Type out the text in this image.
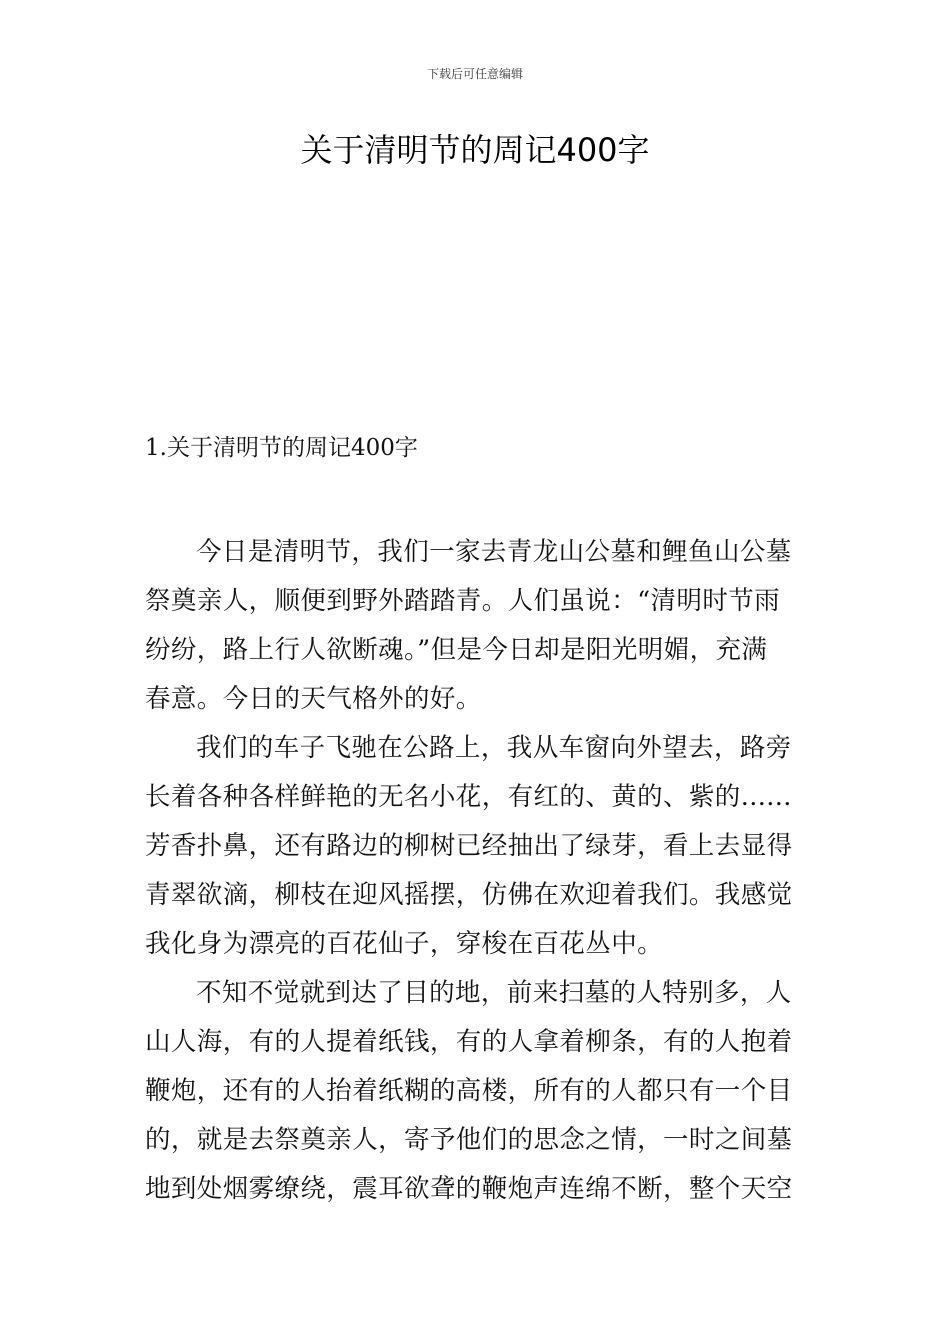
下载后可任意编辑
关于清明节的周记400字
1.关于清明节的周记400字
今日是清明节，我们一家去青龙山公墓和鲤鱼山公墓
祭奠亲人，顺便到野外踏踏青。人们虽说：“清明时节雨
纷纷，路上行人欲断魂。”但是今日却是阳光明媚，充满
春意。今日的天气格外的好。
我们的车子飞驰在公路上，我从车窗向外望去，路旁
长着各种各样鲜艳的无名小花，有红的、黄的、紫的......
芳香扑鼻，还有路边的柳树已经抽出了绿芽，看上去显得
青翠欲滴，柳枝在迎风摇摆，仿佛在欢迎着我们。我感觉
我化身为漂亮的百花仙子，穿梭在百花丛中。
不知不觉就到达了目的地，前来扫墓的人特别多，人
山人海，有的人提着纸钱，有的人拿着柳条，有的人抱着
鞭炮，还有的人抬着纸糊的高楼，所有的人都只有一个目
的，就是去祭奠亲人，寄予他们的思念之情，一时之间墓
地到处烟雾缭绕，震耳欲聋的鞭炮声连绵不断，整个天空
